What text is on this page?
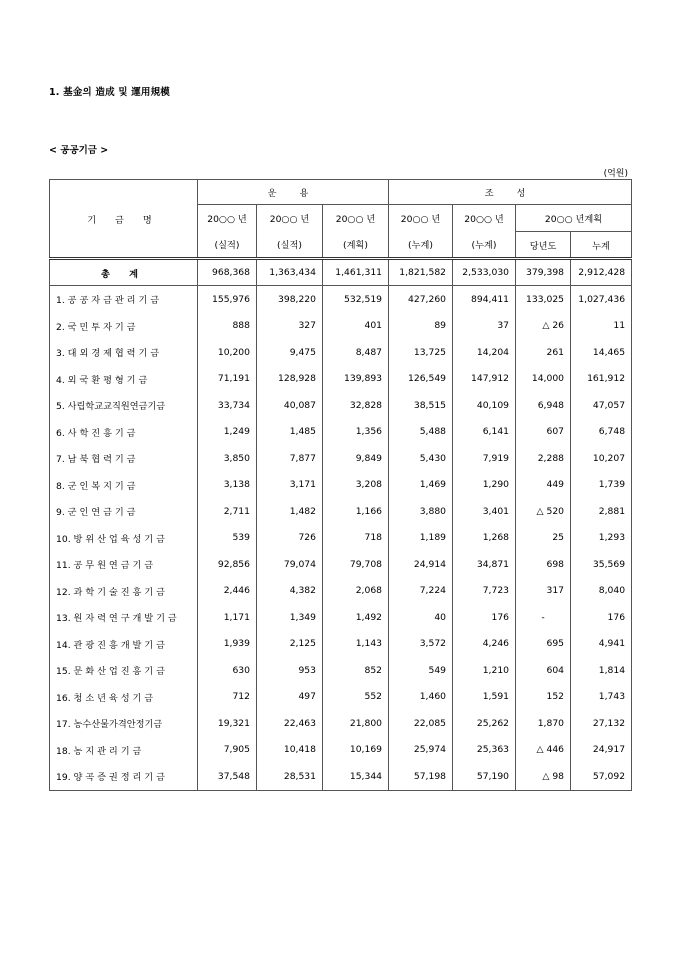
1. 基金의 造成 및 運用規模
< 공공기금 >
(억원)
기 금 명	운 용			조 성			
	20○○ 년	20○○ 년	20○○ 년	20○○ 년	20○○ 년	20○○ 년계획	
	(실적)	(실적)	(계획)	(누계)	(누계)	당년도	누계
총 계	968,368	1,363,434	1,461,311	1,821,582	2,533,030	379,398	2,912,428
1. 공 공 자 금 관 리 기 금	155,976	398,220	532,519	427,260	894,411	133,025	1,027,436
2. 국 민 투 자 기 금	888	327	401	89	37	△ 26	11
3. 대 외 경 제 협 력 기 금	10,200	9,475	8,487	13,725	14,204	261	14,465
4. 외 국 환 평 형 기 금	71,191	128,928	139,893	126,549	147,912	14,000	161,912
5. 사립학교교직원연금기금	33,734	40,087	32,828	38,515	40,109	6,948	47,057
6. 사 학 진 흥 기 금	1,249	1,485	1,356	5,488	6,141	607	6,748
7. 남 북 협 력 기 금	3,850	7,877	9,849	5,430	7,919	2,288	10,207
8. 군 인 복 지 기 금	3,138	3,171	3,208	1,469	1,290	449	1,739
9. 군 인 연 금 기 금	2,711	1,482	1,166	3,880	3,401	△ 520	2,881
10. 방 위 산 업 육 성 기 금	539	726	718	1,189	1,268	25	1,293
11. 공 무 원 연 금 기 금	92,856	79,074	79,708	24,914	34,871	698	35,569
12. 과 학 기 술 진 흥 기 금	2,446	4,382	2,068	7,224	7,723	317	8,040
13. 원 자 력 연 구 개 발 기 금	1,171	1,349	1,492	40	176	-	176
14. 관 광 진 흥 개 발 기 금	1,939	2,125	1,143	3,572	4,246	695	4,941
15. 문 화 산 업 진 흥 기 금	630	953	852	549	1,210	604	1,814
16. 청 소 년 육 성 기 금	712	497	552	1,460	1,591	152	1,743
17. 농수산물가격안정기금	19,321	22,463	21,800	22,085	25,262	1,870	27,132
18. 농 지 관 리 기 금	7,905	10,418	10,169	25,974	25,363	△ 446	24,917
19. 양 곡 증 권 정 리 기 금	37,548	28,531	15,344	57,198	57,190	△ 98	57,092
